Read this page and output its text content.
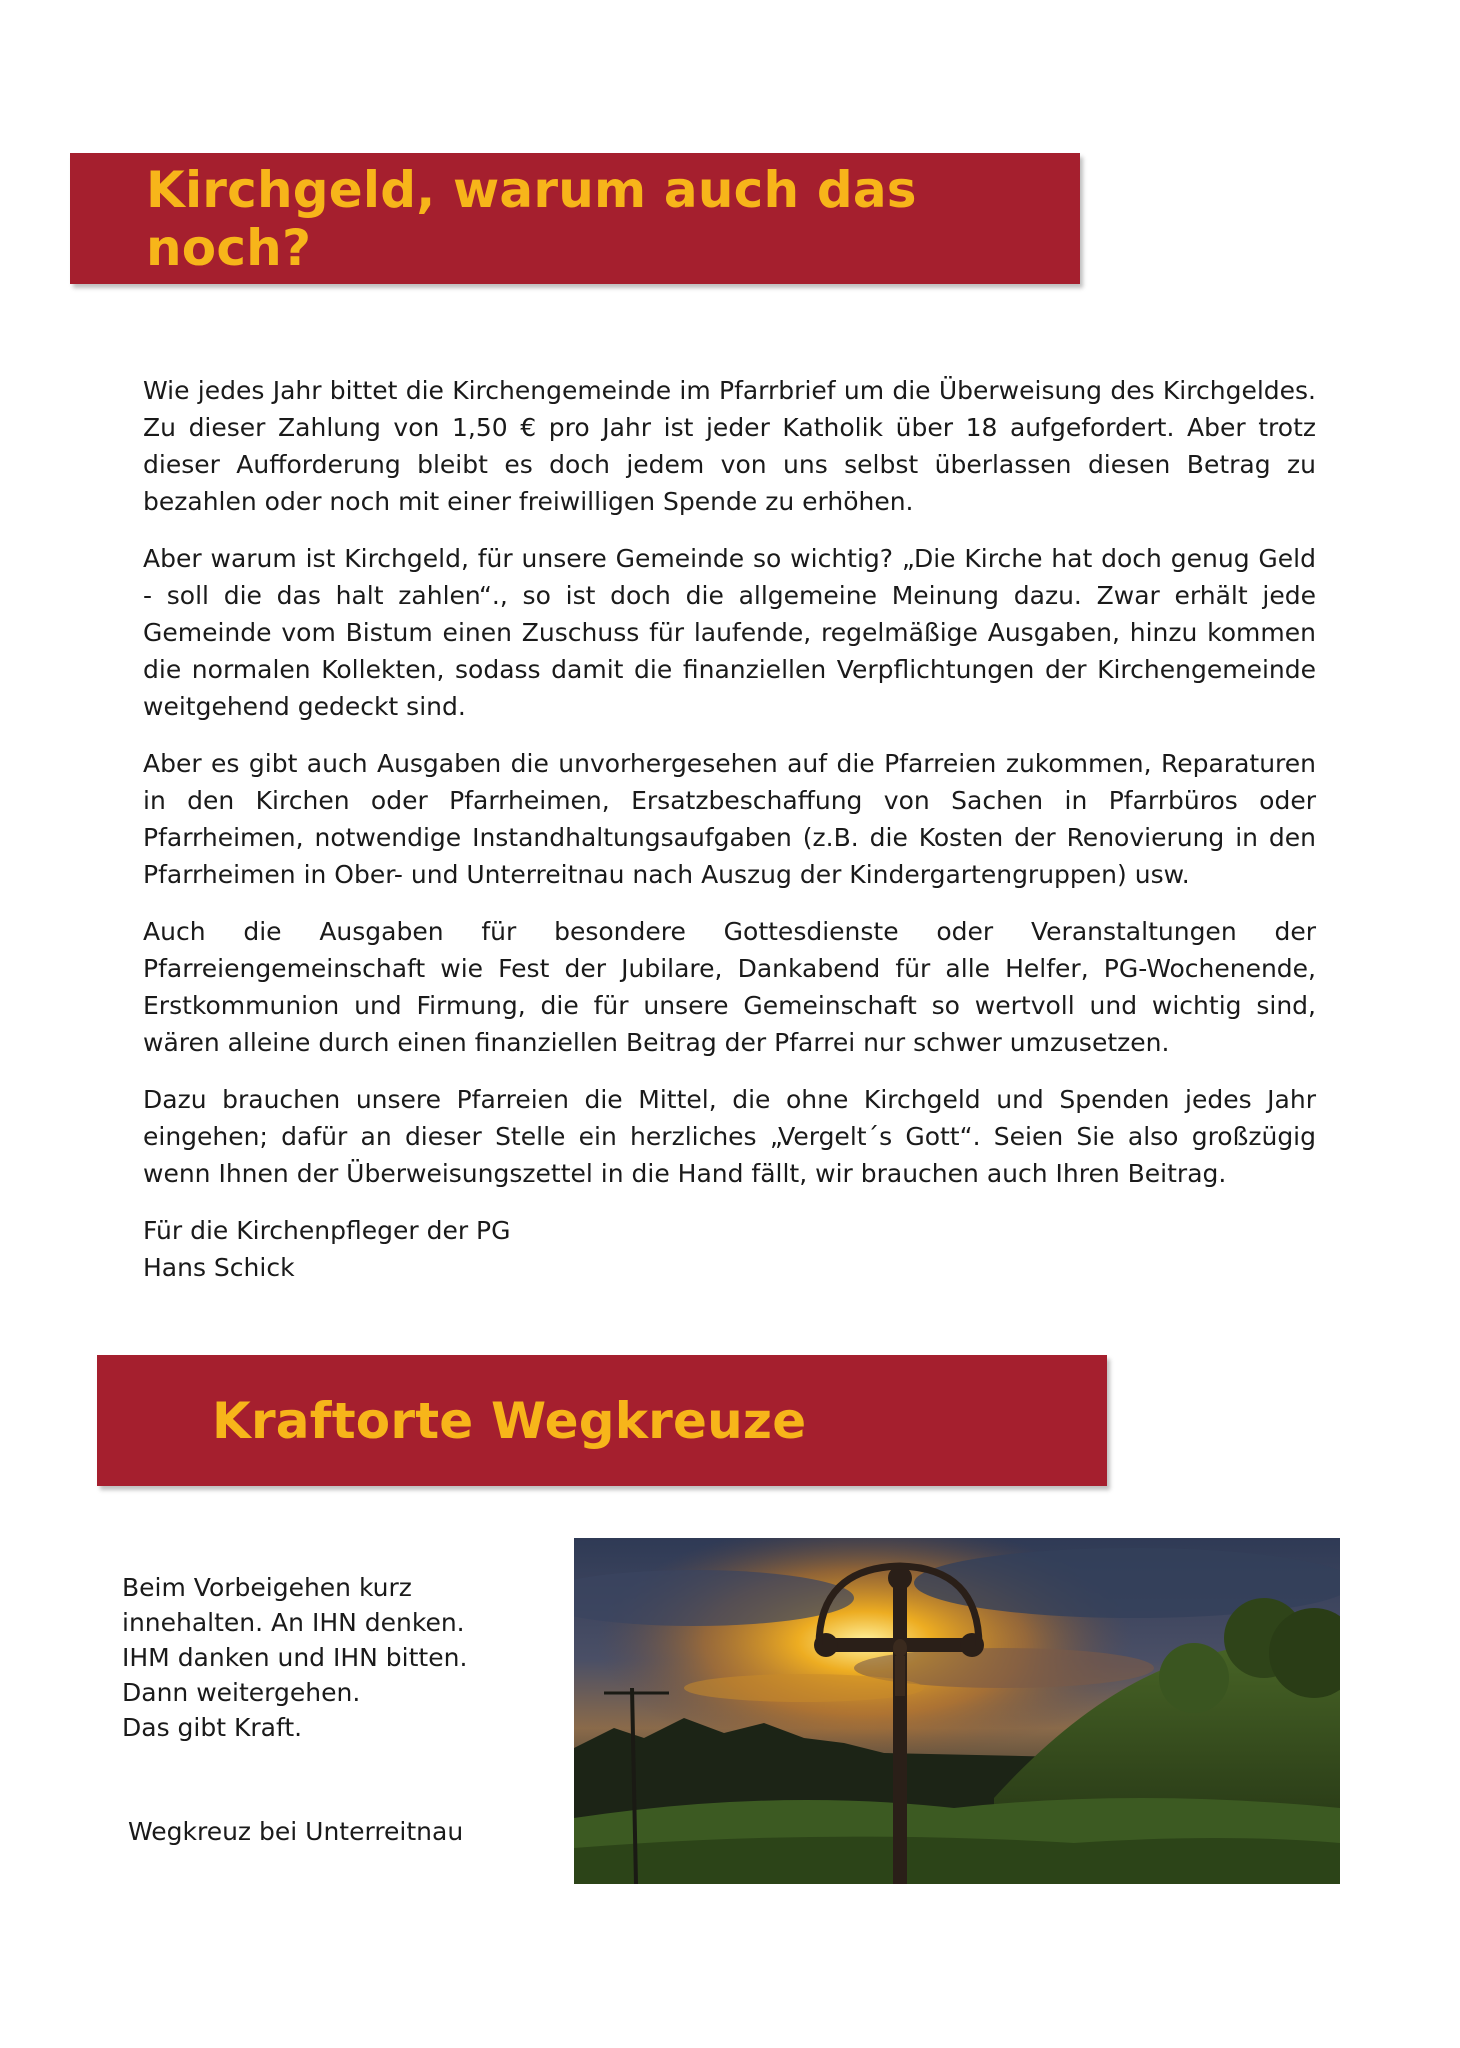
Kirchgeld, warum auch das noch?

Wie jedes Jahr bittet die Kirchengemeinde im Pfarrbrief um die Überweisung des Kirchgeldes. Zu dieser Zahlung von 1,50 € pro Jahr ist jeder Katholik über 18 aufgefordert. Aber trotz dieser Aufforderung bleibt es doch jedem von uns selbst überlassen diesen Betrag zu bezahlen oder noch mit einer freiwilligen Spende zu erhöhen.

Aber warum ist Kirchgeld, für unsere Gemeinde so wichtig? „Die Kirche hat doch genug Geld - soll die das halt zahlen“., so ist doch die allgemeine Meinung dazu. Zwar erhält jede Gemeinde vom Bistum einen Zuschuss für laufende, regelmäßige Ausgaben, hinzu kommen die normalen Kollekten, sodass damit die finanziellen Verpflichtungen der Kirchengemeinde weitgehend gedeckt sind.

Aber es gibt auch Ausgaben die unvorhergesehen auf die Pfarreien zukommen, Reparaturen in den Kirchen oder Pfarrheimen, Ersatzbeschaffung von Sachen in Pfarrbüros oder Pfarrheimen, notwendige Instandhaltungsaufgaben (z.B. die Kosten der Renovierung in den Pfarrheimen in Ober- und Unterreitnau nach Auszug der Kindergartengruppen) usw.

Auch die Ausgaben für besondere Gottesdienste oder Veranstaltungen der Pfarreiengemeinschaft wie Fest der Jubilare, Dankabend für alle Helfer, PG-Wochenende, Erstkommunion und Firmung, die für unsere Gemeinschaft so wertvoll und wichtig sind, wären alleine durch einen finanziellen Beitrag der Pfarrei nur schwer umzusetzen.

Dazu brauchen unsere Pfarreien die Mittel, die ohne Kirchgeld und Spenden jedes Jahr eingehen; dafür an dieser Stelle ein herzliches „Vergelt´s Gott“. Seien Sie also großzügig wenn Ihnen der Überweisungszettel in die Hand fällt, wir brauchen auch Ihren Beitrag.

Für die Kirchenpfleger der PG
Hans Schick
Kraftorte Wegkreuze
Beim Vorbeigehen kurz
innehalten. An IHN denken.
IHM danken und IHN bitten.
Dann weitergehen.
Das gibt Kraft.
Wegkreuz bei Unterreitnau
